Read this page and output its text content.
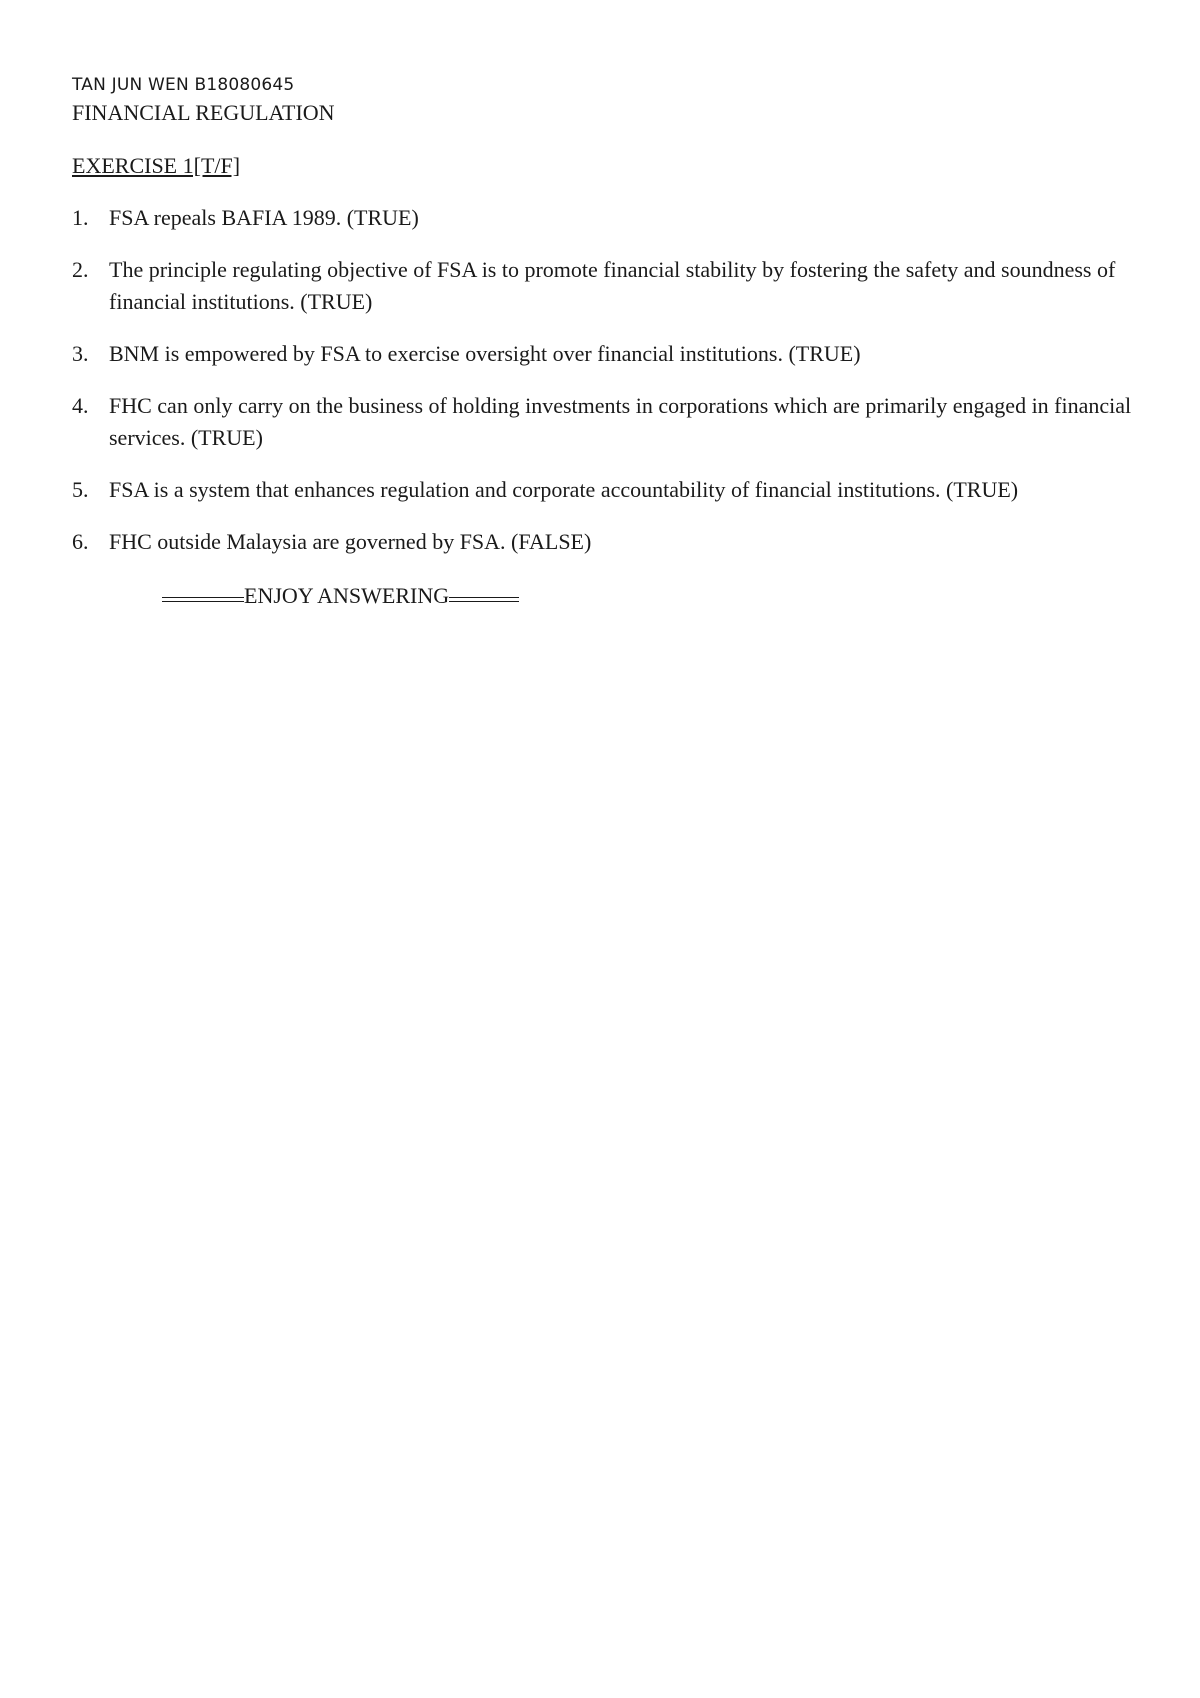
TAN JUN WEN B18080645
FINANCIAL REGULATION
EXERCISE 1[T/F]
1. FSA repeals BAFIA 1989. (TRUE)
2. The principle regulating objective of FSA is to promote financial stability by fostering the safety and soundness of financial institutions. (TRUE)
3. BNM is empowered by FSA to exercise oversight over financial institutions. (TRUE)
4. FHC can only carry on the business of holding investments in corporations which are primarily engaged in financial services. (TRUE)
5. FSA is a system that enhances regulation and corporate accountability of financial institutions. (TRUE)
6. FHC outside Malaysia are governed by FSA. (FALSE)
ENJOY ANSWERING
